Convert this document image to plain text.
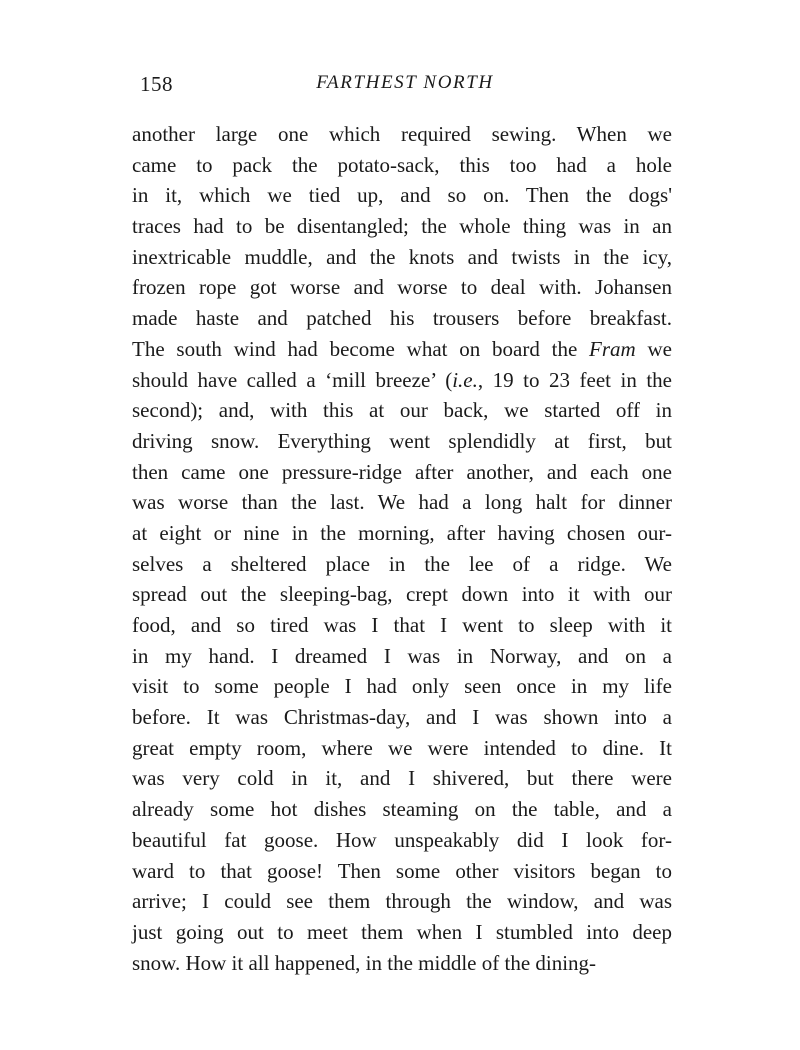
158	FARTHEST NORTH
another large one which required sewing. When we
came to pack the potato-sack, this too had a hole
in it, which we tied up, and so on. Then the dogs'
traces had to be disentangled; the whole thing was in an
inextricable muddle, and the knots and twists in the icy,
frozen rope got worse and worse to deal with. Johansen
made haste and patched his trousers before breakfast.
The south wind had become what on board the Fram we
should have called a ‘mill breeze’ (i.e., 19 to 23 feet in the
second); and, with this at our back, we started off in
driving snow. Everything went splendidly at first, but
then came one pressure-ridge after another, and each one
was worse than the last. We had a long halt for dinner
at eight or nine in the morning, after having chosen our-
selves a sheltered place in the lee of a ridge. We
spread out the sleeping-bag, crept down into it with our
food, and so tired was I that I went to sleep with it
in my hand. I dreamed I was in Norway, and on a
visit to some people I had only seen once in my life
before. It was Christmas-day, and I was shown into a
great empty room, where we were intended to dine. It
was very cold in it, and I shivered, but there were
already some hot dishes steaming on the table, and a
beautiful fat goose. How unspeakably did I look for-
ward to that goose! Then some other visitors began to
arrive; I could see them through the window, and was
just going out to meet them when I stumbled into deep
snow. How it all happened, in the middle of the dining-
